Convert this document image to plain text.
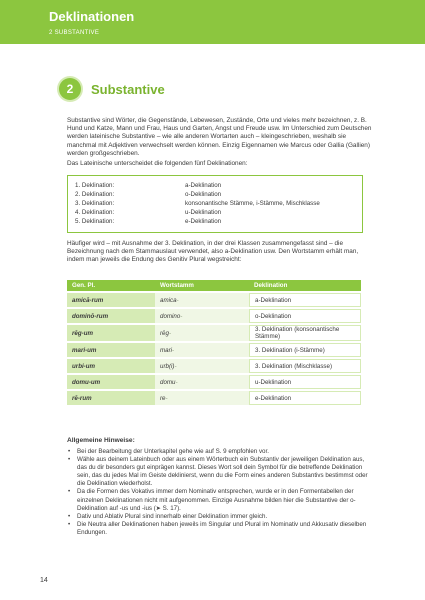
Deklinationen
2 SUBSTANTIVE
2	Substantive

Substantive sind Wörter, die Gegenstände, Lebewesen, Zustände, Orte und vieles mehr bezeichnen, z. B. Hund und Katze, Mann und Frau, Haus und Garten, Angst und Freude usw. Im Unterschied zum Deutschen werden lateinische Substantive – wie alle anderen Wortarten auch – kleingeschrieben, weshalb sie manchmal mit Adjektiven verwechselt werden können. Einzig Eigennamen wie Marcus oder Gallia (Gallien) werden großgeschrieben.

Das Lateinische unterscheidet die folgenden fünf Deklinationen:

1. Deklination:	a-Deklination
2. Deklination:	o-Deklination
3. Deklination:	konsonantische Stämme, i-Stämme, Mischklasse
4. Deklination:	u-Deklination
5. Deklination:	e-Deklination

Häufiger wird – mit Ausnahme der 3. Deklination, in der drei Klassen zusammengefasst sind – die Bezeichnung nach dem Stammauslaut verwendet, also a-Deklination usw. Den Wortstamm erhält man, indem man jeweils die Endung des Genitiv Plural wegstreicht:

Gen. Pl.	Wortstamm	Deklination
amicā-rum	amica-	a-Deklination
dominō-rum	domino-	o-Deklination
rēg-um	rēg-	3. Deklination (konsonantische Stämme)
mari-um	mari-	3. Deklination (i-Stämme)
urbi-um	urb(i)-	3. Deklination (Mischklasse)
domu-um	domu-	u-Deklination
rē-rum	re-	e-Deklination
Allgemeine Hinweise:
• Bei der Bearbeitung der Unterkapitel gehe wie auf S. 9 empfohlen vor.
• Wähle aus deinem Lateinbuch oder aus einem Wörterbuch ein Substantiv der jeweiligen Deklination aus, das du dir besonders gut einprägen kannst. Dieses Wort soll dein Symbol für die betreffende Deklination sein, das du jedes Mal im Geiste deklinierst, wenn du die Form eines anderen Substantivs bestimmst oder die Deklination wiederholst.
• Da die Formen des Vokativs immer dem Nominativ entsprechen, wurde er in den Formentabellen der einzelnen Deklinationen nicht mit aufgenommen. Einzige Ausnahme bilden hier die Substantive der o-Deklination auf -us und -ius (➤ S. 17).
• Dativ und Ablativ Plural sind innerhalb einer Deklination immer gleich.
• Die Neutra aller Deklinationen haben jeweils im Singular und Plural im Nominativ und Akkusativ dieselben Endungen.
14
